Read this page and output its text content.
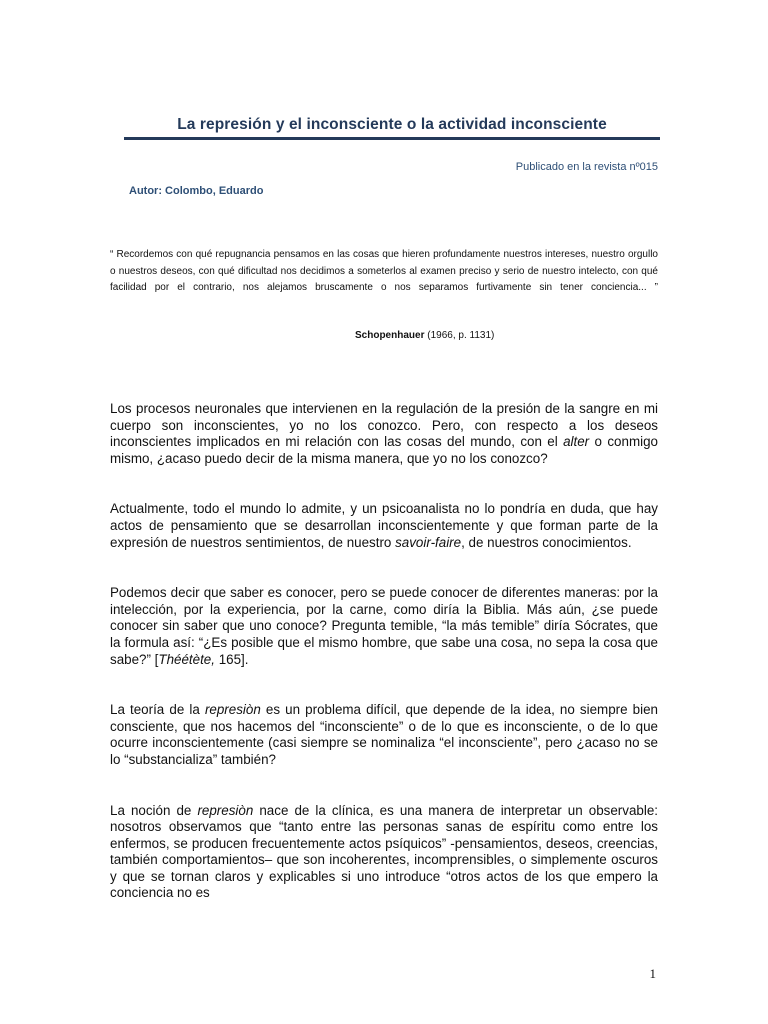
La represión y el inconsciente o la actividad inconsciente
Publicado en la revista nº015
Autor: Colombo, Eduardo
“ Recordemos con qué repugnancia pensamos en las cosas que hieren profundamente nuestros intereses, nuestro orgullo o nuestros deseos, con qué dificultad nos decidimos a someterlos al examen preciso y serio de nuestro intelecto, con qué facilidad por el contrario, nos alejamos bruscamente o nos separamos furtivamente sin tener conciencia... ”
Schopenhauer (1966, p. 1131)

Los procesos neuronales que intervienen en la regulación de la presión de la sangre en mi cuerpo son inconscientes, yo no los conozco. Pero, con respecto a los deseos inconscientes implicados en mi relación con las cosas del mundo, con el alter o conmigo mismo, ¿acaso puedo decir de la misma manera, que yo no los conozco?

Actualmente, todo el mundo lo admite, y un psicoanalista no lo pondría en duda, que hay actos de pensamiento que se desarrollan inconscientemente y que forman parte de la expresión de nuestros sentimientos, de nuestro savoir-faire, de nuestros conocimientos.

Podemos decir que saber es conocer, pero se puede conocer de diferentes maneras: por la intelección, por la experiencia, por la carne, como diría la Biblia. Más aún, ¿se puede conocer sin saber que uno conoce? Pregunta temible, “la más temible” diría Sócrates, que la formula así: “¿Es posible que el mismo hombre, que sabe una cosa, no sepa la cosa que sabe?” [Théétète, 165].

La teoría de la represiòn es un problema difícil, que depende de la idea, no siempre bien consciente, que nos hacemos del “inconsciente” o de lo que es inconsciente, o de lo que ocurre inconscientemente (casi siempre se nominaliza “el inconsciente”, pero ¿acaso no se lo “substancializa” también?

La noción de represiòn nace de la clínica, es una manera de interpretar un observable: nosotros observamos que “tanto entre las personas sanas de espíritu como entre los enfermos, se producen frecuentemente actos psíquicos” -pensamientos, deseos, creencias, también comportamientos– que son incoherentes, incomprensibles, o simplemente oscuros y que se tornan claros y explicables si uno introduce “otros actos de los que empero la conciencia no es

1
